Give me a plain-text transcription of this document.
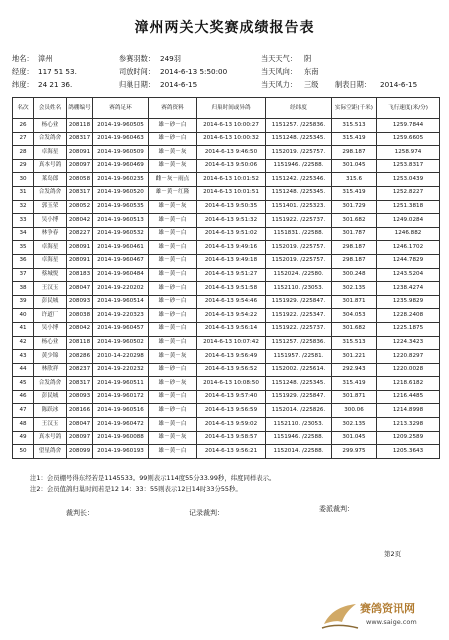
漳州两关大奖赛成绩报告表
地名： 漳州	参赛羽数： 249羽	当天天气： 阴
经度： 117 51 53.	司放时间： 2014-6-13 5:50:00	当天风向： 东南
纬度： 24 21 36.	归巢日期： 2014-6-15	当天风力： 三级 制表日期： 2014-6-15
名次	会员姓名	鸽棚编号	赛鸽足环	赛鸽资料	归巢时间或异鸽	经纬度	实际空距(千米)	飞行速度(米/分)
26	杨心业	208118	2014-19-960505	雄－砂－白	2014-6-13 10:00:27	1151257. /225836.	315.513	1259.7844
27	合发鸽舍	208317	2014-19-960463	雄－砂－白	2014-6-13 10:00:32	1151248. /225345.	315.419	1259.6605
28	卓海星	208091	2014-19-960509	雄－黄－灰	2014-6-13 9:46:50	1152019. /225757.	298.187	1258.974
29	真本号鸽	208097	2014-19-960469	雄－黄－灰	2014-6-13 9:50:06	1151946. /22588.	301.045	1253.8317
30	莱岛郎	208058	2014-19-960235	雌－灰－雨点	2014-6-13 10:01:52	1151242. /225346.	315.6	1253.0439
31	合发鸽舍	208317	2014-19-960520	雄－黄－红隆	2014-6-13 10:01:51	1151248. /225345.	315.419	1252.8227
32	郭玉荣	208052	2014-19-960535	雄－黄－灰	2014-6-13 9:50:35	1151401. /225323.	301.729	1251.3818
33	吴小博	208042	2014-19-960513	雄－黄－白	2014-6-13 9:51:32	1151922. /225737.	301.682	1249.0284
34	林争春	208227	2014-19-960532	雄－黄－白	2014-6-13 9:51:02	1151831. /22588.	301.787	1246.882
35	卓海星	208091	2014-19-960461	雄－黄－白	2014-6-13 9:49:16	1152019. /225757.	298.187	1246.1702
36	卓海星	208091	2014-19-960467	雄－黄－白	2014-6-13 9:49:18	1152019. /225757.	298.187	1244.7829
37	蔡城悦	208183	2014-19-960484	雄－黄－白	2014-6-13 9:51:27	1152024. /22580.	300.248	1243.5204
38	王汉玉	208047	2014-19-220202	雄－砂－白	2014-6-13 9:51:58	1152110. /23053.	302.135	1238.4274
39	彭民城	208093	2014-19-960514	雄－砂－白	2014-6-13 9:54:46	1151929. /225847.	301.871	1235.9829
40	许道厂	208038	2014-19-220323	雄－砂－白	2014-6-13 9:54:22	1151922. /225347.	304.053	1228.2408
41	吴小博	208042	2014-19-960457	雄－黄－白	2014-6-13 9:56:14	1151922. /225737.	301.682	1225.1875
42	杨心业	208118	2014-19-960502	雄－黄－白	2014-6-13 10:07:42	1151257. /225836.	315.513	1224.3423
43	黄少锦	208286	2010-14-220298	雄－黄－灰	2014-6-13 9:56:49	1151957. /22581.	301.221	1220.8297
44	林欣祥	208237	2014-19-220232	雄－砂－白	2014-6-13 9:56:52	1152002. /225614.	292.943	1220.0028
45	合发鸽舍	208317	2014-19-960511	雄－砂－灰	2014-6-13 10:08:50	1151248. /225345.	315.419	1218.6182
46	彭民城	208093	2014-19-960172	雄－黄－白	2014-6-13 9:57:40	1151929. /225847.	301.871	1216.4485
47	陈跃冰	208166	2014-19-960516	雄－砂－白	2014-6-13 9:56:59	1152014. /225826.	300.06	1214.8998
48	王汉玉	208047	2014-19-960472	雄－黄－白	2014-6-13 9:59:02	1152110. /23053.	302.135	1213.3298
49	真本号鸽	208097	2014-19-960088	雄－黄－灰	2014-6-13 9:58:57	1151946. /22588.	301.045	1209.2589
50	望星鸽舍	208099	2014-19-960193	雄－黄－白	2014-6-13 9:56:21	1152014. /22588.	299.975	1205.3643
注1：会员棚号得东经若是1145533。99则表示114度55分33.99秒，纬度同样表示。
注2：会员值鸽归巢时间若是12 14：33：55则表示12日14时33分55秒。
裁判长：	记录裁判：	委派裁判：
第2页
赛鸽资讯网
www.saige.com
